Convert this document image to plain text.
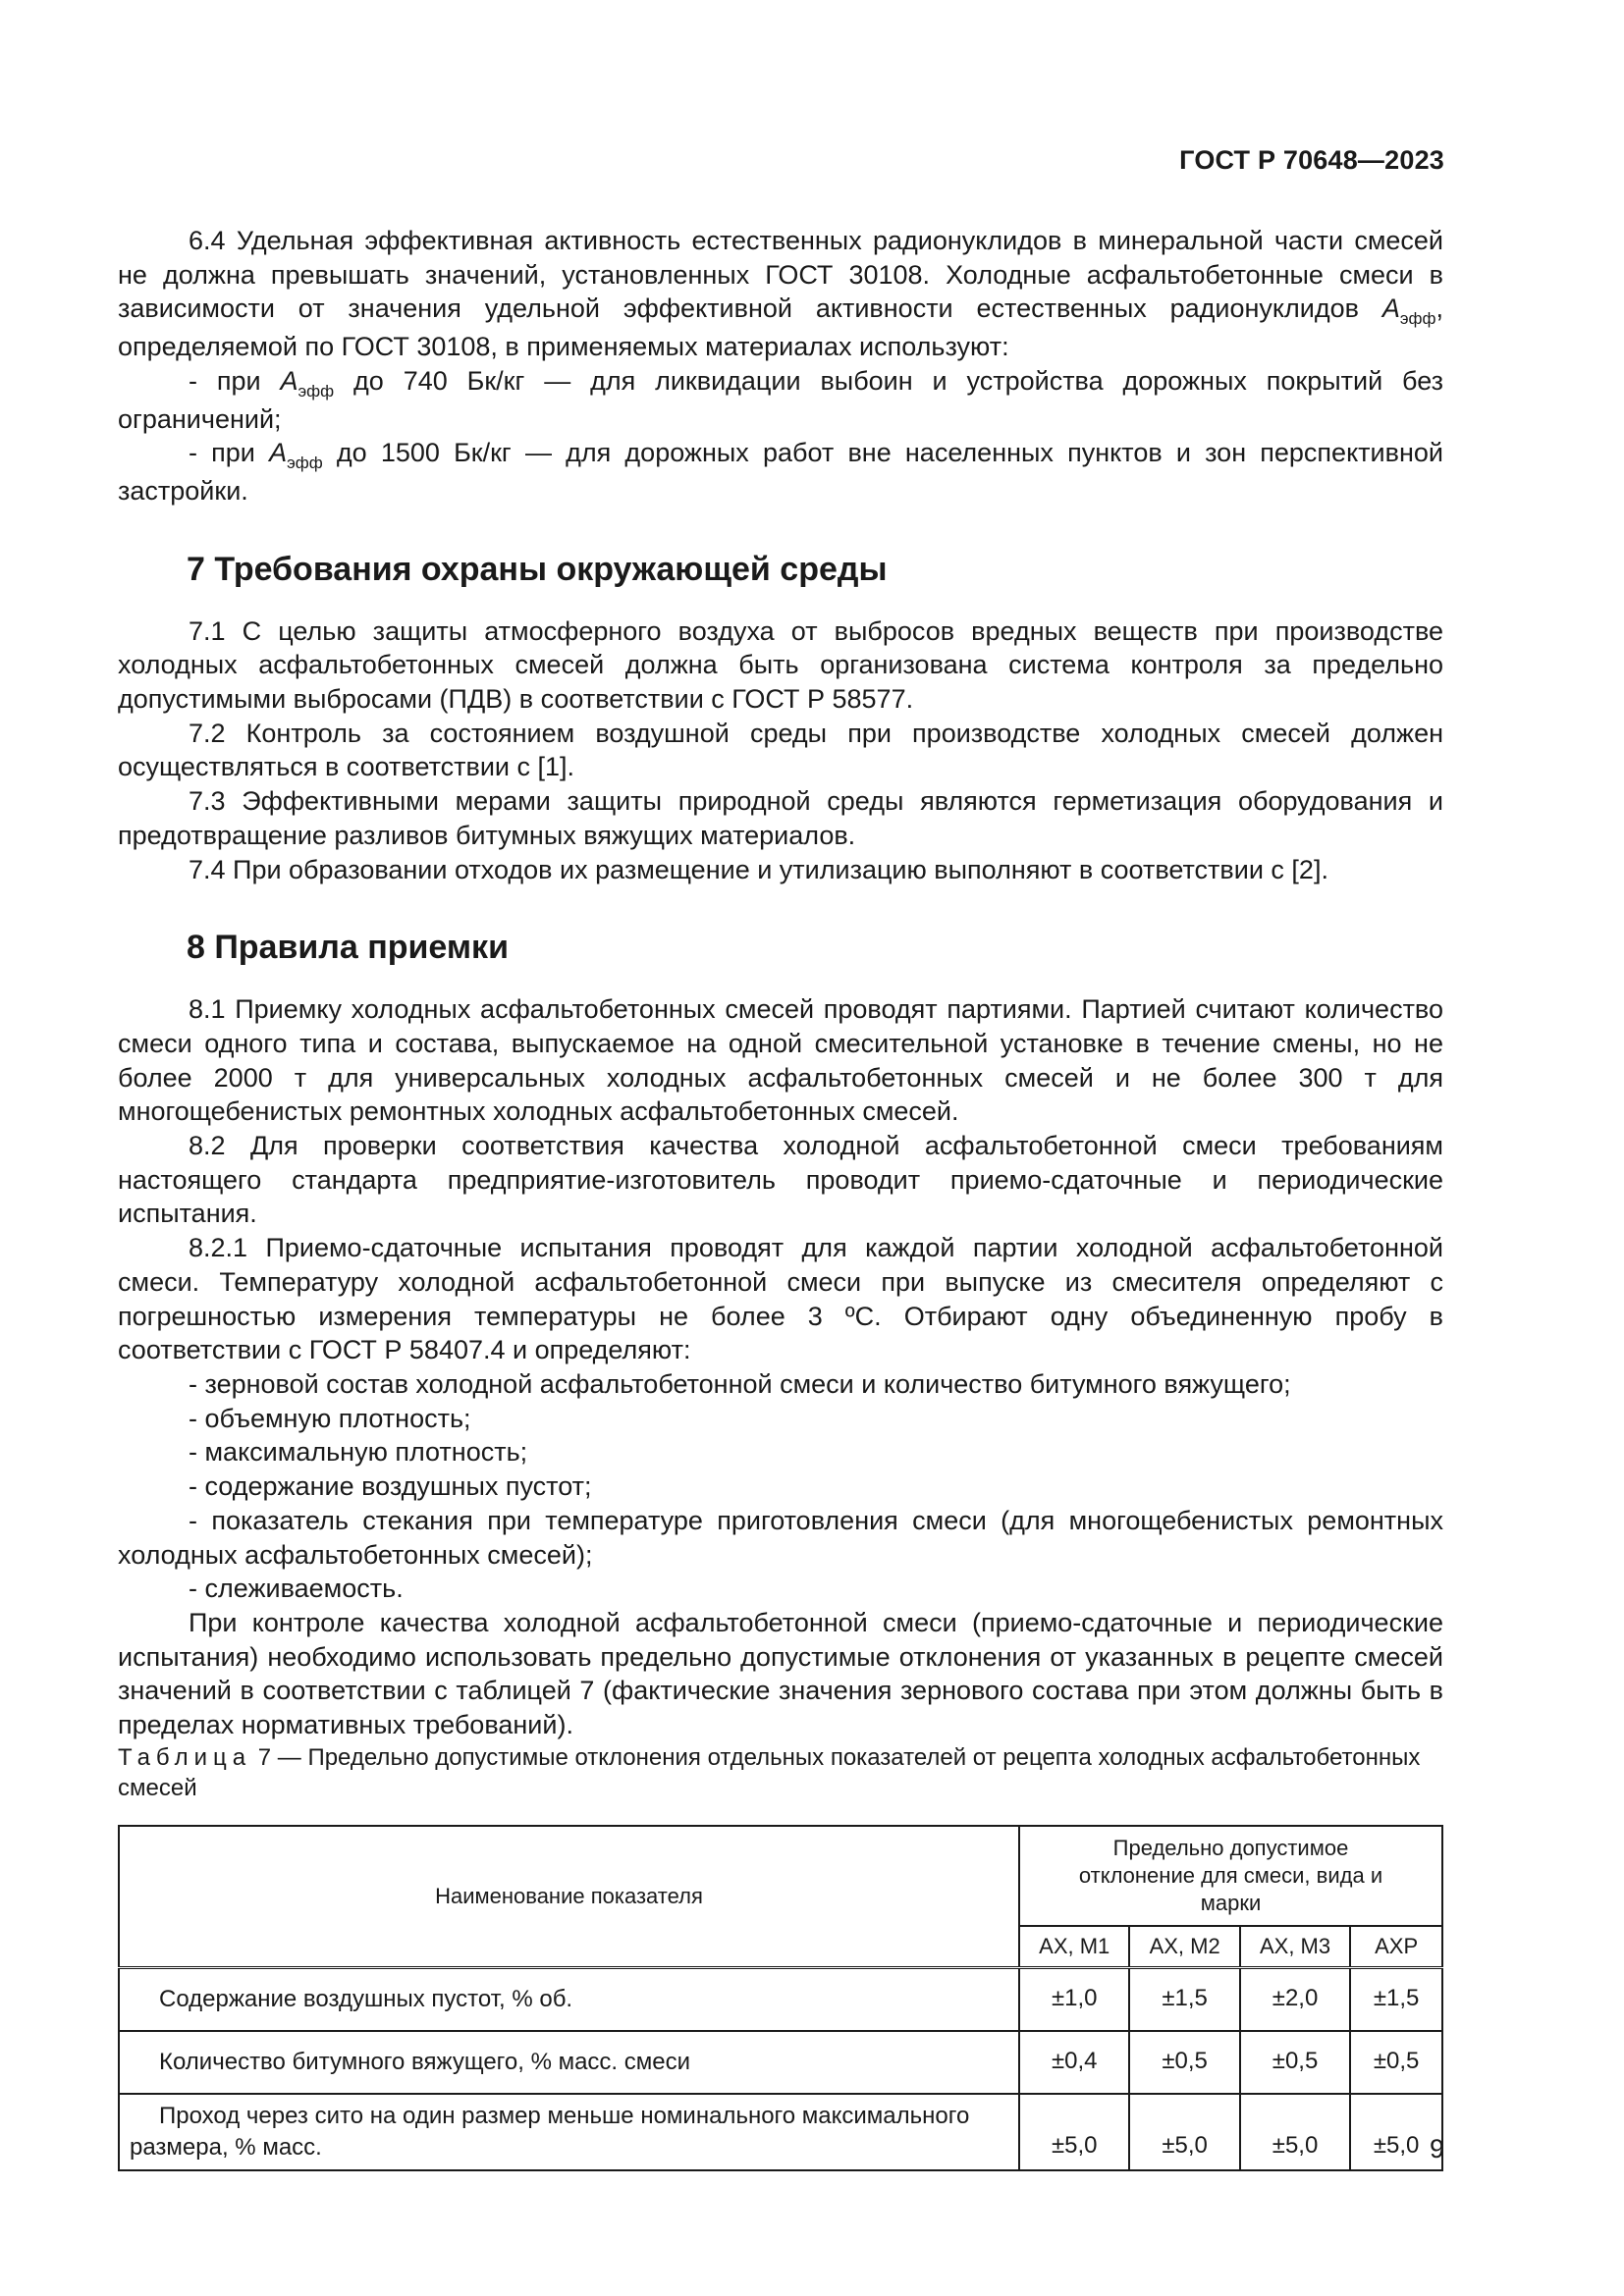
ГОСТ Р 70648—2023

6.4 Удельная эффективная активность естественных радионуклидов в минеральной части смесей не должна превышать значений, установленных ГОСТ 30108. Холодные асфальтобетонные смеси в зависимости от значения удельной эффективной активности естественных радионуклидов $A_{эфф}$, определяемой по ГОСТ 30108, в применяемых материалах используют:

- при $A_{эфф}$ до 740 Бк/кг — для ликвидации выбоин и устройства дорожных покрытий без ограничений;

- при $A_{эфф}$ до 1500 Бк/кг — для дорожных работ вне населенных пунктов и зон перспективной застройки.

7 Требования охраны окружающей среды

7.1 С целью защиты атмосферного воздуха от выбросов вредных веществ при производстве холодных асфальтобетонных смесей должна быть организована система контроля за предельно допустимыми выбросами (ПДВ) в соответствии с ГОСТ Р 58577.

7.2 Контроль за состоянием воздушной среды при производстве холодных смесей должен осуществляться в соответствии с [1].

7.3 Эффективными мерами защиты природной среды являются герметизация оборудования и предотвращение разливов битумных вяжущих материалов.

7.4 При образовании отходов их размещение и утилизацию выполняют в соответствии с [2].

8 Правила приемки

8.1 Приемку холодных асфальтобетонных смесей проводят партиями. Партией считают количество смеси одного типа и состава, выпускаемое на одной смесительной установке в течение смены, но не более 2000 т для универсальных холодных асфальтобетонных смесей и не более 300 т для многощебенистых ремонтных холодных асфальтобетонных смесей.

8.2 Для проверки соответствия качества холодной асфальтобетонной смеси требованиям настоящего стандарта предприятие-изготовитель проводит приемо-сдаточные и периодические испытания.

8.2.1 Приемо-сдаточные испытания проводят для каждой партии холодной асфальтобетонной смеси. Температуру холодной асфальтобетонной смеси при выпуске из смесителя определяют с погрешностью измерения температуры не более 3 ºС. Отбирают одну объединенную пробу в соответствии с ГОСТ Р 58407.4 и определяют:

- зерновой состав холодной асфальтобетонной смеси и количество битумного вяжущего;

- объемную плотность;

- максимальную плотность;

- содержание воздушных пустот;

- показатель стекания при температуре приготовления смеси (для многощебенистых ремонтных холодных асфальтобетонных смесей);

- слеживаемость.

При контроле качества холодной асфальтобетонной смеси (приемо-сдаточные и периодические испытания) необходимо использовать предельно допустимые отклонения от указанных в рецепте смесей значений в соответствии с таблицей 7 (фактические значения зернового состава при этом должны быть в пределах нормативных требований).

Таблица 7 — Предельно допустимые отклонения отдельных показателей от рецепта холодных асфальтобетонных смесей

Наименование показателя	Предельно допустимое отклонение для смеси, вида и марки			
	АХ, М1	АХ, М2	АХ, М3	АХР
Содержание воздушных пустот, % об.	±1,0	±1,5	±2,0	±1,5
Количество битумного вяжущего, % масс. смеси	±0,4	±0,5	±0,5	±0,5
Проход через сито на один размер меньше номинального максимального размера, % масс.	±5,0	±5,0	±5,0	±5,0 9
